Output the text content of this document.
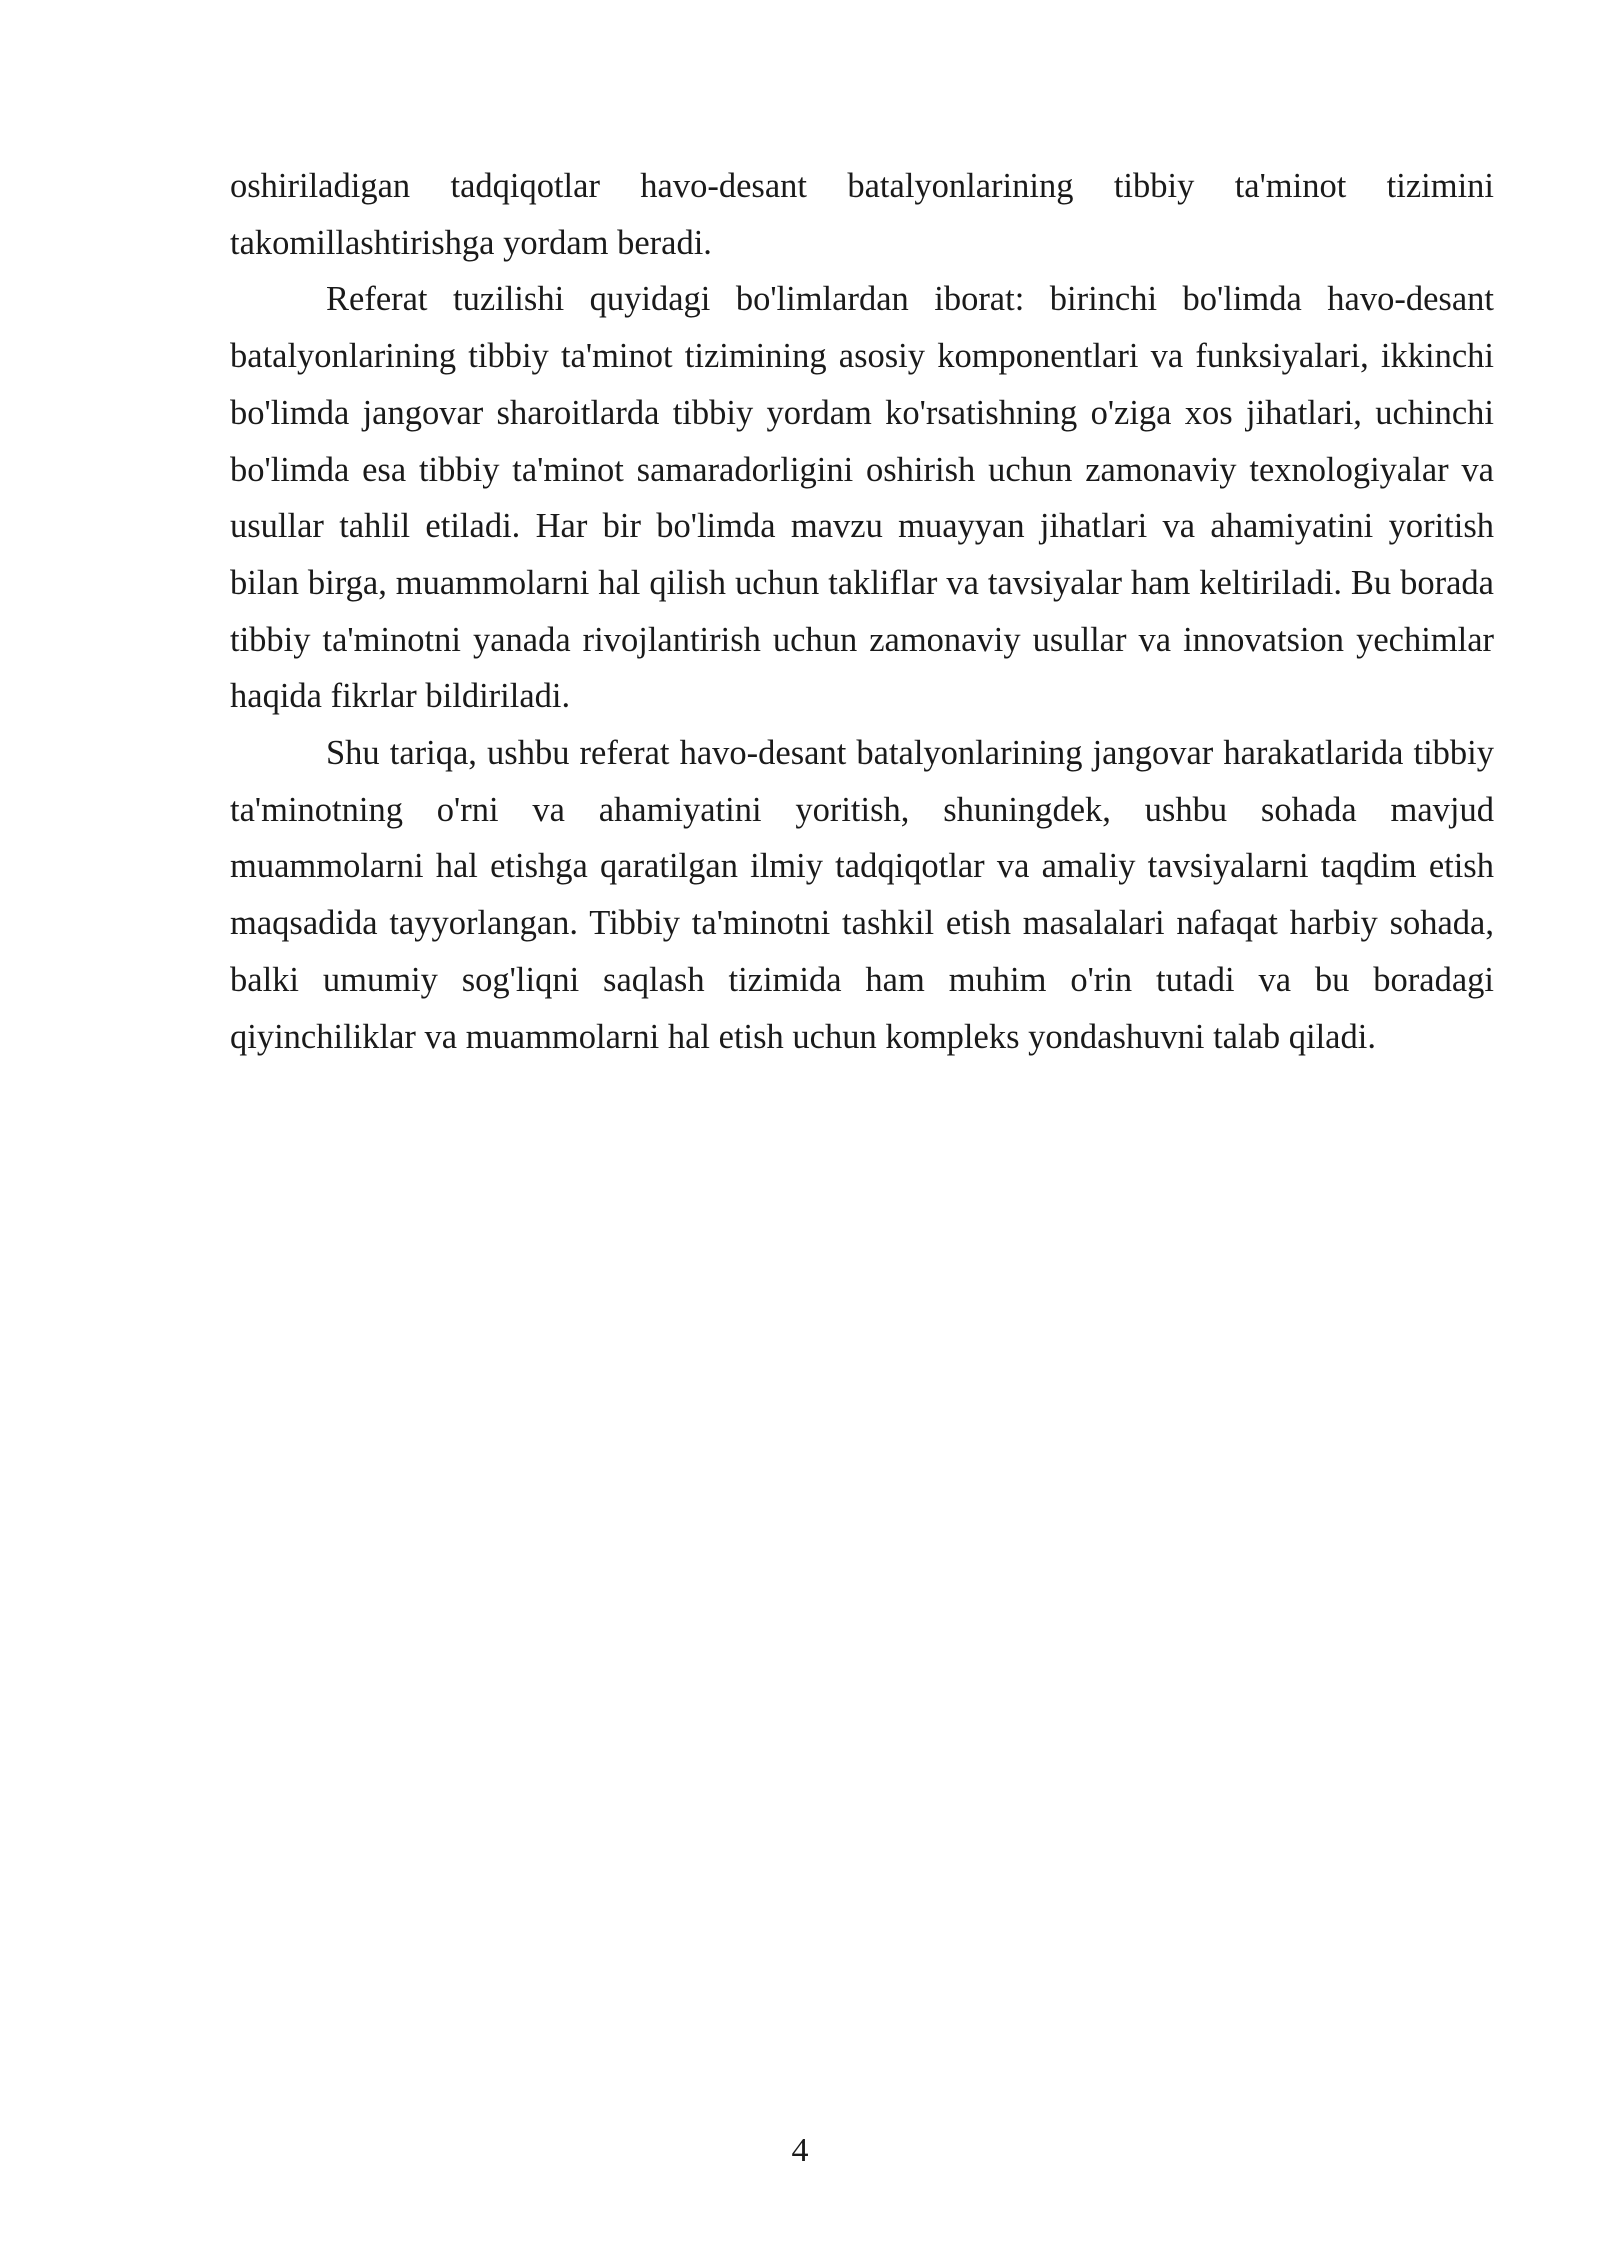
oshiriladigan tadqiqotlar havo-desant batalyonlarining tibbiy ta'minot tizimini takomillashtirishga yordam beradi.

Referat tuzilishi quyidagi bo'limlardan iborat: birinchi bo'limda havo-desant batalyonlarining tibbiy ta'minot tizimining asosiy komponentlari va funksiyalari, ikkinchi bo'limda jangovar sharoitlarda tibbiy yordam ko'rsatishning o'ziga xos jihatlari, uchinchi bo'limda esa tibbiy ta'minot samaradorligini oshirish uchun zamonaviy texnologiyalar va usullar tahlil etiladi. Har bir bo'limda mavzu muayyan jihatlari va ahamiyatini yoritish bilan birga, muammolarni hal qilish uchun takliflar va tavsiyalar ham keltiriladi. Bu borada tibbiy ta'minotni yanada rivojlantirish uchun zamonaviy usullar va innovatsion yechimlar haqida fikrlar bildiriladi.

Shu tariqa, ushbu referat havo-desant batalyonlarining jangovar harakatlarida tibbiy ta'minotning o'rni va ahamiyatini yoritish, shuningdek, ushbu sohada mavjud muammolarni hal etishga qaratilgan ilmiy tadqiqotlar va amaliy tavsiyalarni taqdim etish maqsadida tayyorlangan. Tibbiy ta'minotni tashkil etish masalalari nafaqat harbiy sohada, balki umumiy sog'liqni saqlash tizimida ham muhim o'rin tutadi va bu boradagi qiyinchiliklar va muammolarni hal etish uchun kompleks yondashuvni talab qiladi.

4
